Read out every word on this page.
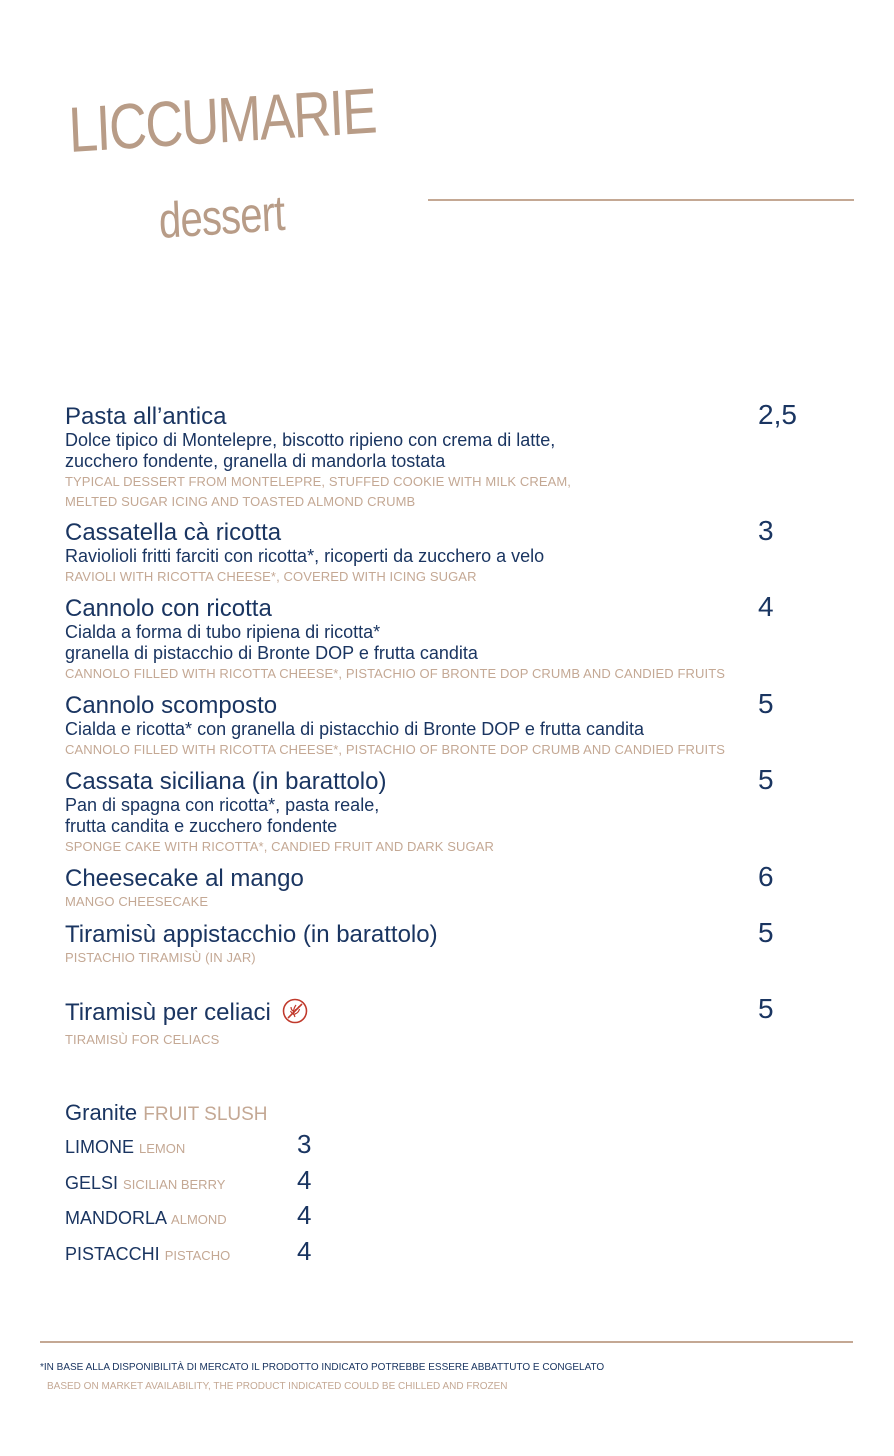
LICCUMARIE
dessert
Pasta all’antica	2,5
Dolce tipico di Montelepre, biscotto ripieno con crema di latte,
zucchero fondente, granella di mandorla tostata
TYPICAL DESSERT FROM MONTELEPRE, STUFFED COOKIE WITH MILK CREAM,
MELTED SUGAR ICING AND TOASTED ALMOND CRUMB
Cassatella cà ricotta	3
Raviolioli fritti farciti con ricotta*, ricoperti da zucchero a velo
RAVIOLI WITH RICOTTA CHEESE*, COVERED WITH ICING SUGAR
Cannolo con ricotta	4
Cialda a forma di tubo ripiena di ricotta*
granella di pistacchio di Bronte DOP e frutta candita
CANNOLO FILLED WITH RICOTTA CHEESE*, PISTACHIO OF BRONTE DOP CRUMB AND CANDIED FRUITS
Cannolo scomposto	5
Cialda e ricotta* con granella di pistacchio di Bronte DOP e frutta candita
CANNOLO FILLED WITH RICOTTA CHEESE*, PISTACHIO OF BRONTE DOP CRUMB AND CANDIED FRUITS
Cassata siciliana (in barattolo)	5
Pan di spagna con ricotta*, pasta reale,
frutta candita e zucchero fondente
SPONGE CAKE WITH RICOTTA*, CANDIED FRUIT AND DARK SUGAR
Cheesecake al mango	6
MANGO CHEESECAKE
Tiramisù appistacchio (in barattolo)	5
PISTACHIO TIRAMISÙ (IN JAR)
Tiramisù per celiaci	5
TIRAMISÙ FOR CELIACS
Granite FRUIT SLUSH
LIMONE LEMON	3
GELSI SICILIAN BERRY	4
MANDORLA ALMOND	4
PISTACCHI PISTACHO	4
*IN BASE ALLA DISPONIBILITÀ DI MERCATO IL PRODOTTO INDICATO POTREBBE ESSERE ABBATTUTO E CONGELATO
BASED ON MARKET AVAILABILITY, THE PRODUCT INDICATED COULD BE CHILLED AND FROZEN
